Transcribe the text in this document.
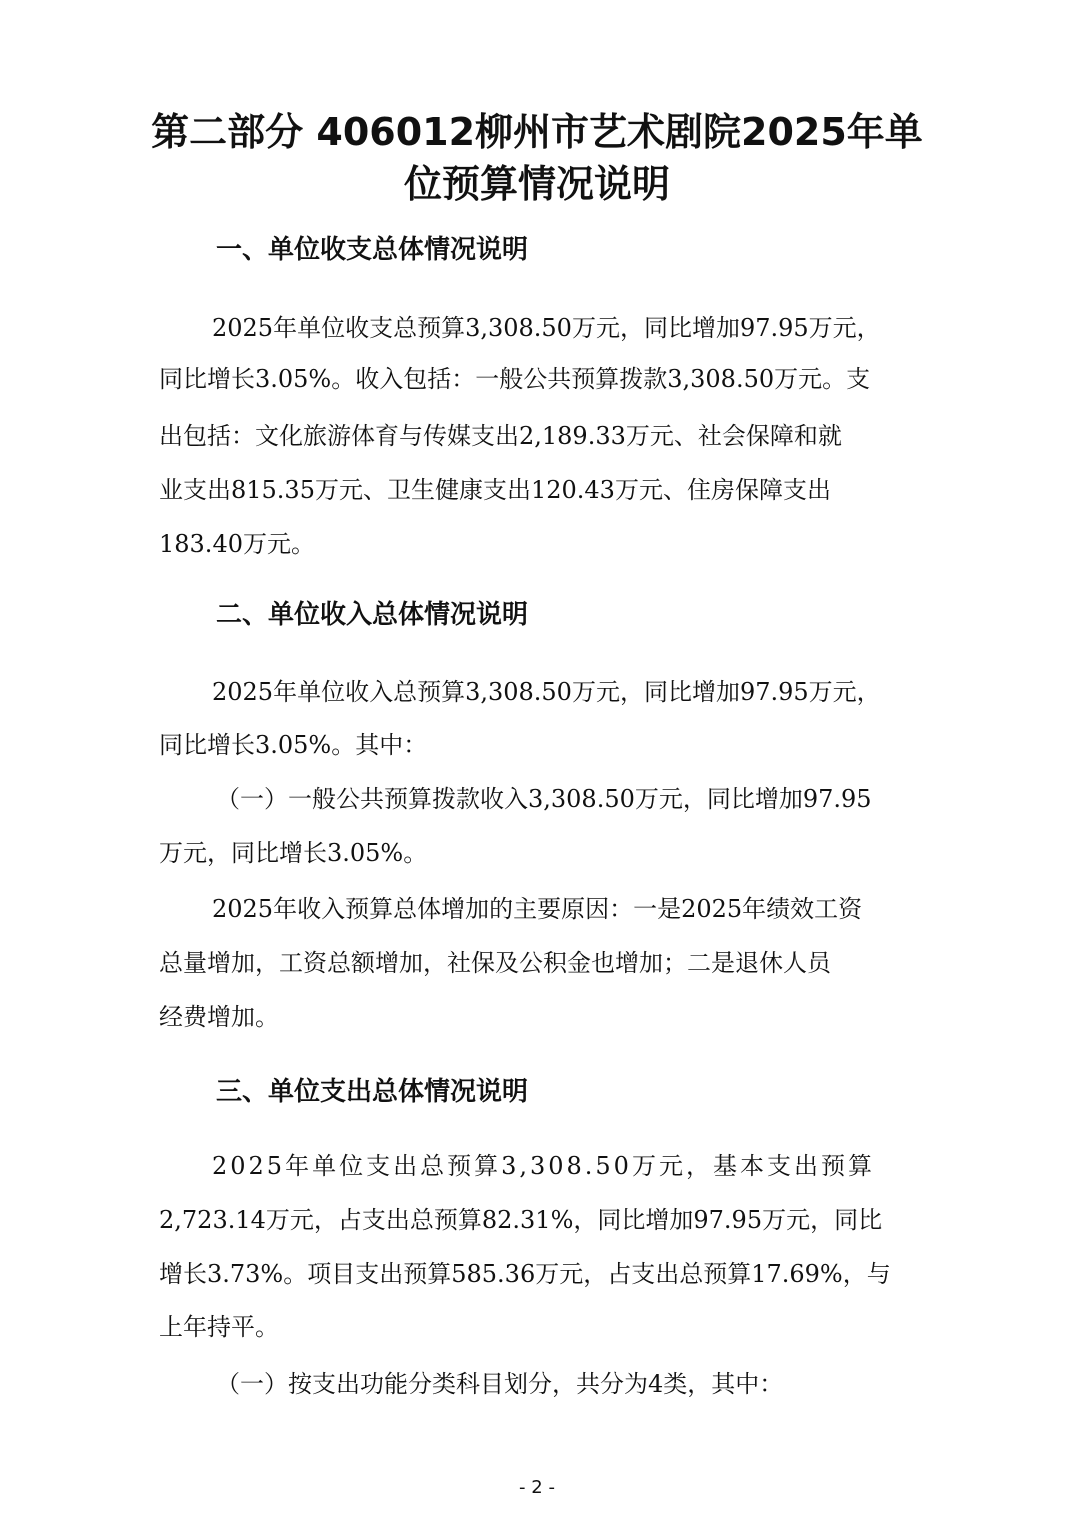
第二部分 406012柳州市艺术剧院2025年单
位预算情况说明
一、单位收支总体情况说明
2025年单位收支总预算3,308.50万元，同比增加97.95万元，
同比增长3.05%。收入包括：一般公共预算拨款3,308.50万元。支
出包括：文化旅游体育与传媒支出2,189.33万元、社会保障和就
业支出815.35万元、卫生健康支出120.43万元、住房保障支出
183.40万元。
二、单位收入总体情况说明
2025年单位收入总预算3,308.50万元，同比增加97.95万元，
同比增长3.05%。其中：
（一）一般公共预算拨款收入3,308.50万元，同比增加97.95
万元，同比增长3.05%。
2025年收入预算总体增加的主要原因：一是2025年绩效工资
总量增加，工资总额增加，社保及公积金也增加；二是退休人员
经费增加。
三、单位支出总体情况说明
2025年单位支出总预算3,308.50万元，基本支出预算
2,723.14万元，占支出总预算82.31%，同比增加97.95万元，同比
增长3.73%。项目支出预算585.36万元，占支出总预算17.69%，与
上年持平。
（一）按支出功能分类科目划分，共分为4类，其中：
- 2 -
